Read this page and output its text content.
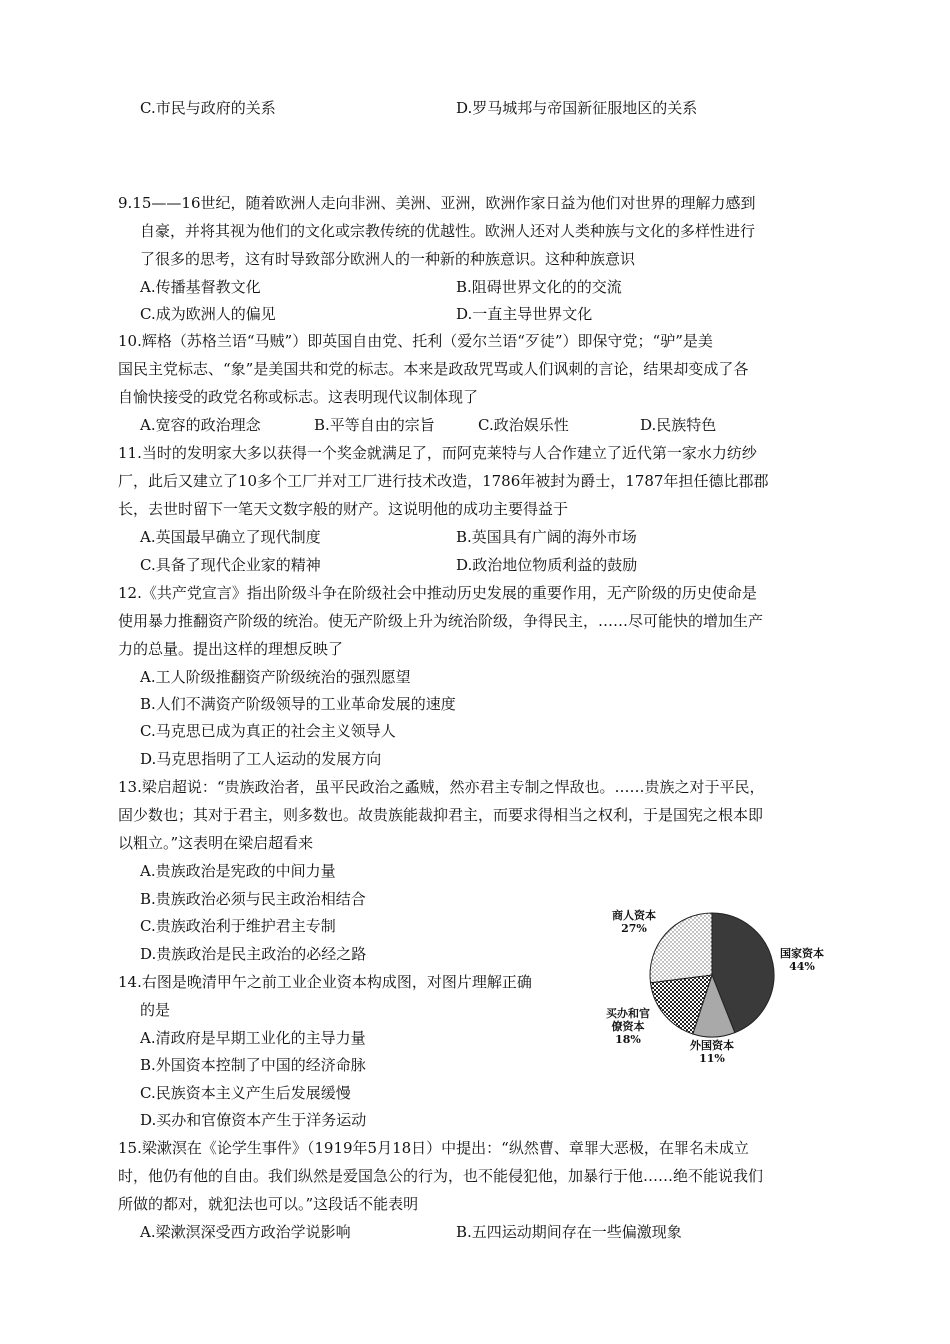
C.市民与政府的关系	D.罗马城邦与帝国新征服地区的关系
9.15——16世纪，随着欧洲人走向非洲、美洲、亚洲，欧洲作家日益为他们对世界的理解力感到
自豪，并将其视为他们的文化或宗教传统的优越性。欧洲人还对人类种族与文化的多样性进行
了很多的思考，这有时导致部分欧洲人的一种新的种族意识。这种种族意识
A.传播基督教文化	B.阻碍世界文化的的交流
C.成为欧洲人的偏见	D.一直主导世界文化
10.辉格（苏格兰语“马贼”）即英国自由党、托利（爱尔兰语“歹徒”）即保守党；“驴”是美
国民主党标志、“象”是美国共和党的标志。本来是政敌咒骂或人们讽刺的言论，结果却变成了各
自愉快接受的政党名称或标志。这表明现代议制体现了
A.宽容的政治理念	B.平等自由的宗旨	C.政治娱乐性	D.民族特色
11.当时的发明家大多以获得一个奖金就满足了，而阿克莱特与人合作建立了近代第一家水力纺纱
厂，此后又建立了10多个工厂并对工厂进行技术改造，1786年被封为爵士，1787年担任德比郡郡
长，去世时留下一笔天文数字般的财产。这说明他的成功主要得益于
A.英国最早确立了现代制度	B.英国具有广阔的海外市场
C.具备了现代企业家的精神	D.政治地位物质利益的鼓励
12.《共产党宣言》指出阶级斗争在阶级社会中推动历史发展的重要作用，无产阶级的历史使命是
使用暴力推翻资产阶级的统治。使无产阶级上升为统治阶级，争得民主，……尽可能快的增加生产
力的总量。提出这样的理想反映了
A.工人阶级推翻资产阶级统治的强烈愿望
B.人们不满资产阶级领导的工业革命发展的速度
C.马克思已成为真正的社会主义领导人
D.马克思指明了工人运动的发展方向
13.梁启超说：“贵族政治者，虽平民政治之蟊贼，然亦君主专制之悍敌也。……贵族之对于平民，
固少数也；其对于君主，则多数也。故贵族能裁抑君主，而要求得相当之权利，于是国宪之根本即
以粗立。”这表明在梁启超看来
A.贵族政治是宪政的中间力量
B.贵族政治必须与民主政治相结合
C.贵族政治利于维护君主专制
D.贵族政治是民主政治的必经之路
14.右图是晚清甲午之前工业企业资本构成图，对图片理解正确
的是
A.清政府是早期工业化的主导力量
B.外国资本控制了中国的经济命脉
C.民族资本主义产生后发展缓慢
D.买办和官僚资本产生于洋务运动
15.梁漱溟在《论学生事件》（1919年5月18日）中提出：“纵然曹、章罪大恶极，在罪名未成立
时，他仍有他的自由。我们纵然是爱国急公的行为，也不能侵犯他，加暴行于他……绝不能说我们
所做的都对，就犯法也可以。”这段话不能表明
A.梁漱溟深受西方政治学说影响	B.五四运动期间存在一些偏激现象
国家资本
44%
外国资本
11%
买办和官
僚资本
18%
商人资本
27%
